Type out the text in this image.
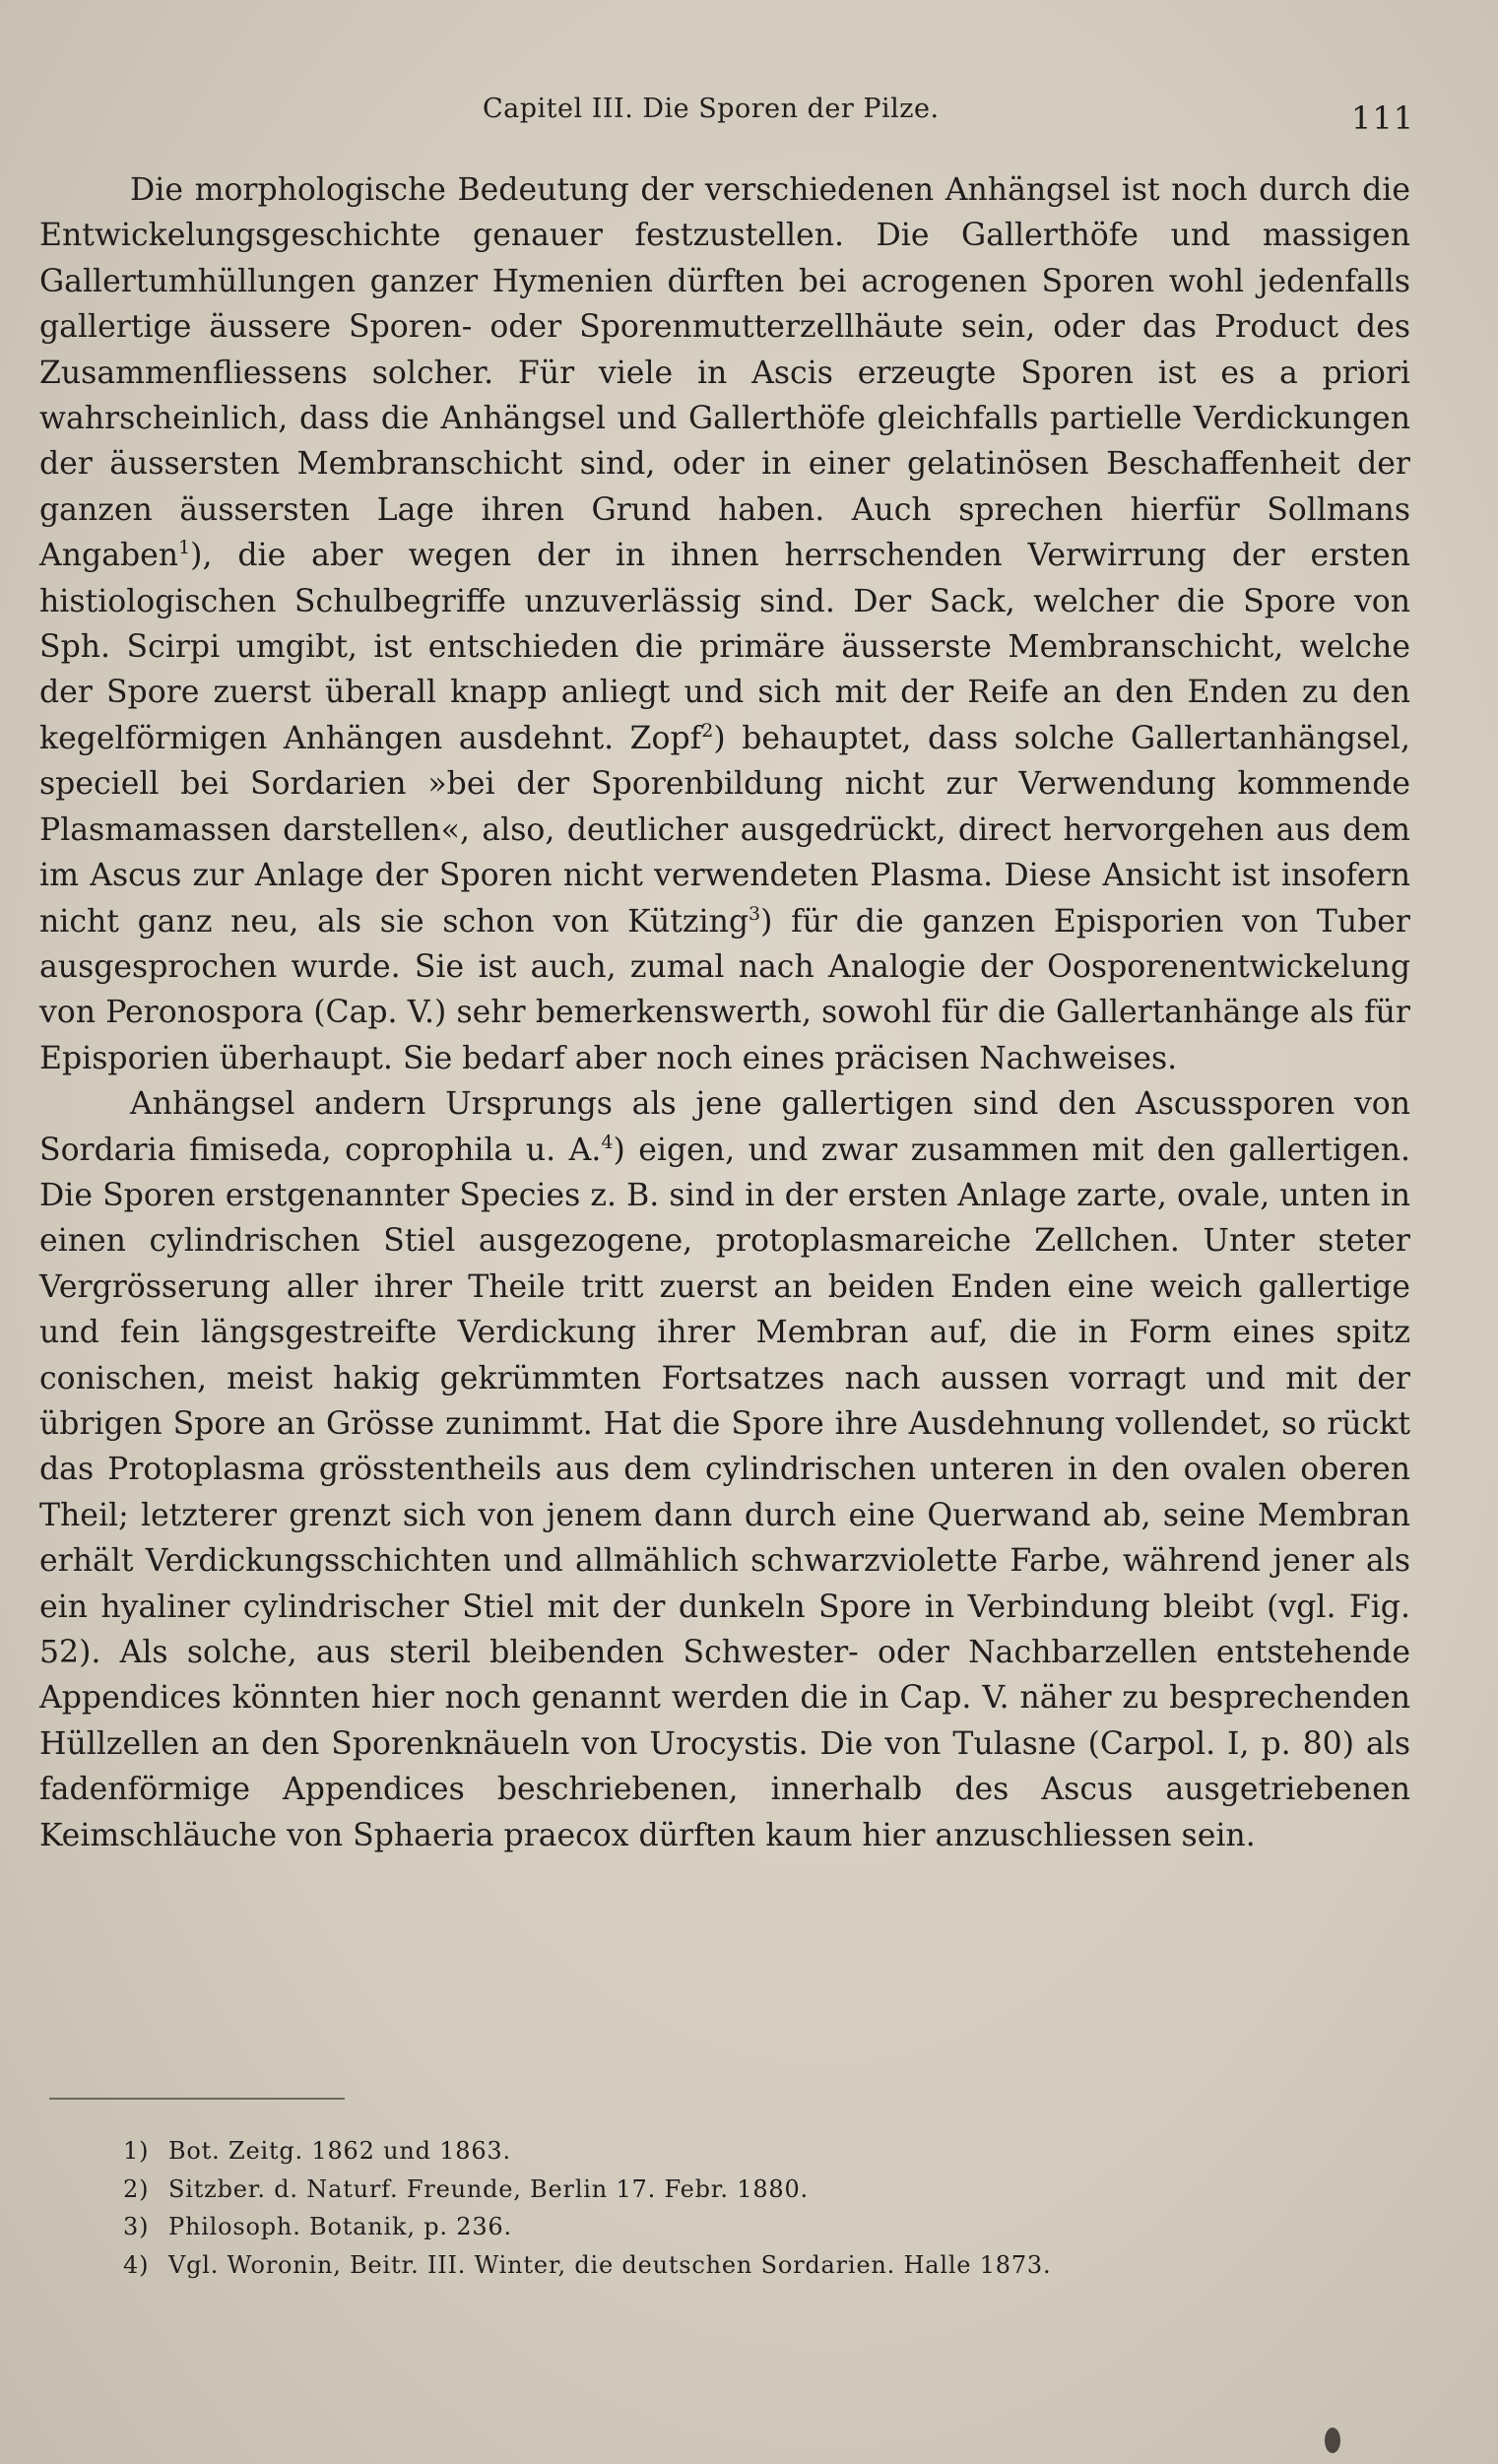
Capitel III. Die Sporen der Pilze.	111

Die morphologische Bedeutung der verschiedenen Anhängsel ist noch durch die Entwickelungsgeschichte genauer festzustellen. Die Gallerthöfe und massigen Gallertumhüllungen ganzer Hymenien dürften bei acrogenen Sporen wohl jedenfalls gallertige äussere Sporen- oder Sporenmutterzellhäute sein, oder das Product des Zusammenfliessens solcher. Für viele in Ascis erzeugte Sporen ist es a priori wahrscheinlich, dass die Anhängsel und Gallerthöfe gleichfalls partielle Verdickungen der äussersten Membranschicht sind, oder in einer gelatinösen Beschaffenheit der ganzen äussersten Lage ihren Grund haben. Auch sprechen hierfür Sollmans Angaben$^1$), die aber wegen der in ihnen herrschenden Verwirrung der ersten histiologischen Schulbegriffe unzuverlässig sind. Der Sack, welcher die Spore von Sph. Scirpi umgibt, ist entschieden die primäre äusserste Membranschicht, welche der Spore zuerst überall knapp anliegt und sich mit der Reife an den Enden zu den kegelförmigen Anhängen ausdehnt. Zopf$^2$) behauptet, dass solche Gallertanhängsel, speciell bei Sordarien »bei der Sporenbildung nicht zur Verwendung kommende Plasmamassen darstellen«, also, deutlicher ausgedrückt, direct hervorgehen aus dem im Ascus zur Anlage der Sporen nicht verwendeten Plasma. Diese Ansicht ist insofern nicht ganz neu, als sie schon von Kützing$^3$) für die ganzen Episporien von Tuber ausgesprochen wurde. Sie ist auch, zumal nach Analogie der Oosporenentwickelung von Peronospora (Cap. V.) sehr bemerkenswerth, sowohl für die Gallertanhänge als für Episporien überhaupt. Sie bedarf aber noch eines präcisen Nachweises.

Anhängsel andern Ursprungs als jene gallertigen sind den Ascussporen von Sordaria fimiseda, coprophila u. A.$^4$) eigen, und zwar zusammen mit den gallertigen. Die Sporen erstgenannter Species z. B. sind in der ersten Anlage zarte, ovale, unten in einen cylindrischen Stiel ausgezogene, protoplasmareiche Zellchen. Unter steter Vergrösserung aller ihrer Theile tritt zuerst an beiden Enden eine weich gallertige und fein längsgestreifte Verdickung ihrer Membran auf, die in Form eines spitz conischen, meist hakig gekrümmten Fortsatzes nach aussen vorragt und mit der übrigen Spore an Grösse zunimmt. Hat die Spore ihre Ausdehnung vollendet, so rückt das Protoplasma grösstentheils aus dem cylindrischen unteren in den ovalen oberen Theil; letzterer grenzt sich von jenem dann durch eine Querwand ab, seine Membran erhält Verdickungsschichten und allmählich schwarzviolette Farbe, während jener als ein hyaliner cylindrischer Stiel mit der dunkeln Spore in Verbindung bleibt (vgl. Fig. 52). Als solche, aus steril bleibenden Schwester- oder Nachbarzellen entstehende Appendices könnten hier noch genannt werden die in Cap. V. näher zu besprechenden Hüllzellen an den Sporenknäueln von Urocystis. Die von Tulasne (Carpol. I, p. 80) als fadenförmige Appendices beschriebenen, innerhalb des Ascus ausgetriebenen Keimschläuche von Sphaeria praecox dürften kaum hier anzuschliessen sein.

1) Bot. Zeitg. 1862 und 1863.
2) Sitzber. d. Naturf. Freunde, Berlin 17. Febr. 1880.
3) Philosoph. Botanik, p. 236.
4) Vgl. Woronin, Beitr. III. Winter, die deutschen Sordarien. Halle 1873.
